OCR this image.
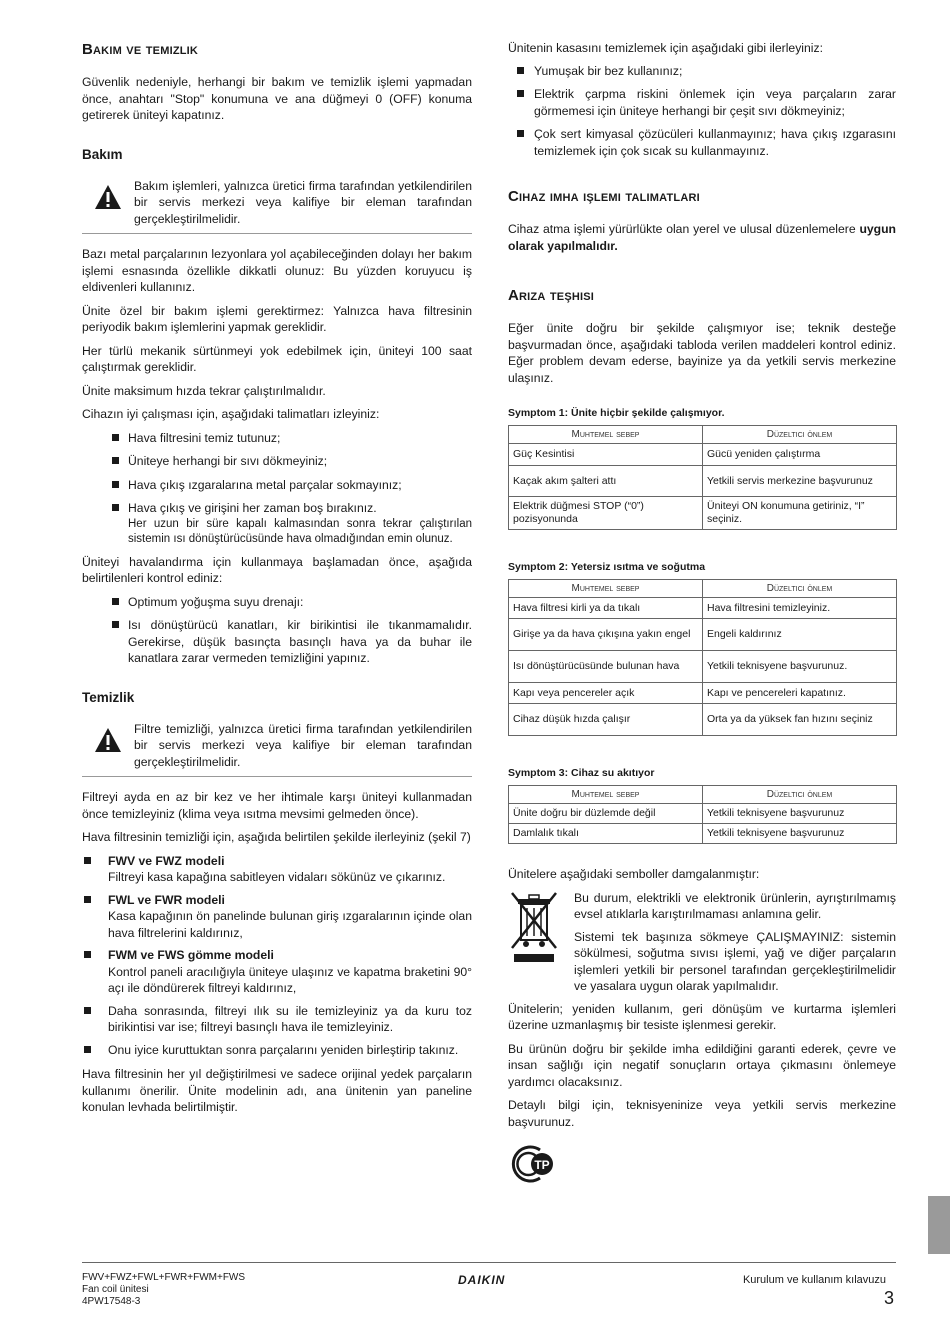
Bakım ve temizlik

Güvenlik nedeniyle, herhangi bir bakım ve temizlik işlemi yapmadan önce, anahtarı "Stop" konumuna ve ana düğmeyi 0 (OFF) konuma getirerek üniteyi kapatınız.

Bakım

Bakım işlemleri, yalnızca üretici firma tarafından yetkilendirilen bir servis merkezi veya kalifiye bir eleman tarafından gerçekleştirilmelidir.

Bazı metal parçalarının lezyonlara yol açabileceğinden dolayı her bakım işlemi esnasında özellikle dikkatli olunuz: Bu yüzden koruyucu iş eldivenleri kullanınız.

Ünite özel bir bakım işlemi gerektirmez: Yalnızca hava filtresinin periyodik bakım işlemlerini yapmak gereklidir.

Her türlü mekanik sürtünmeyi yok edebilmek için, üniteyi 100 saat çalıştırmak gereklidir.

Ünite maksimum hızda tekrar çalıştırılmalıdır.

Cihazın iyi çalışması için, aşağıdaki talimatları izleyiniz:

Hava filtresini temiz tutunuz;
Üniteye herhangi bir sıvı dökmeyiniz;
Hava çıkış ızgaralarına metal parçalar sokmayınız;
Hava çıkış ve girişini her zaman boş bırakınız.
Her uzun bir süre kapalı kalmasından sonra tekrar çalıştırılan sistemin ısı dönüştürücüsünde hava olmadığından emin olunuz.

Üniteyi havalandırma için kullanmaya başlamadan önce, aşağıda belirtilenleri kontrol ediniz:

Optimum yoğuşma suyu drenajı:
Isı dönüştürücü kanatları, kir birikintisi ile tıkanmamalıdır. Gerekirse, düşük basınçta basınçlı hava ya da buhar ile kanatlara zarar vermeden temizliğini yapınız.
Temizlik

Filtre temizliği, yalnızca üretici firma tarafından yetkilendirilen bir servis merkezi veya kalifiye bir eleman tarafından gerçekleştirilmelidir.

Filtreyi ayda en az bir kez ve her ihtimale karşı üniteyi kullanmadan önce temizleyiniz (klima veya ısıtma mevsimi gelmeden önce).

Hava filtresinin temizliği için, aşağıda belirtilen şekilde ilerleyiniz (şekil 7)

FWV ve FWZ modeli
Filtreyi kasa kapağına sabitleyen vidaları sökünüz ve çıkarınız.
FWL ve FWR modeli
Kasa kapağının ön panelinde bulunan giriş ızgaralarının içinde olan hava filtrelerini kaldırınız,
FWM ve FWS gömme modeli
Kontrol paneli aracılığıyla üniteye ulaşınız ve kapatma braketini 90° açı ile döndürerek filtreyi kaldırınız,
Daha sonrasında, filtreyi ılık su ile temizleyiniz ya da kuru toz birikintisi var ise; filtreyi basınçlı hava ile temizleyiniz.
Onu iyice kuruttuktan sonra parçalarını yeniden birleştirip takınız.

Hava filtresinin her yıl değiştirilmesi ve sadece orijinal yedek parçaların kullanımı önerilir. Ünite modelinin adı, ana ünitenin yan paneline konulan levhada belirtilmiştir.

Ünitenin kasasını temizlemek için aşağıdaki gibi ilerleyiniz:

Yumuşak bir bez kullanınız;
Elektrik çarpma riskini önlemek için veya parçaların zarar görmemesi için üniteye herhangi bir çeşit sıvı dökmeyiniz;
Çok sert kimyasal çözücüleri kullanmayınız; hava çıkış ızgarasını temizlemek için çok sıcak su kullanmayınız.
Cihaz imha işlemi talimatları

Cihaz atma işlemi yürürlükte olan yerel ve ulusal düzenlemelere uygun olarak yapılmalıdır.

Arıza teşhisi

Eğer ünite doğru bir şekilde çalışmıyor ise; teknik desteğe başvurmadan önce, aşağıdaki tabloda verilen maddeleri kontrol ediniz. Eğer problem devam ederse, bayinize ya da yetkili servis merkezine ulaşınız.

Symptom 1: Ünite hiçbir şekilde çalışmıyor.
Muhtemel sebep	Düzeltici önlem
Güç Kesintisi	Gücü yeniden çalıştırma
Kaçak akım şalteri attı	Yetkili servis merkezine başvurunuz
Elektrik düğmesi STOP (“0”) pozisyonunda	Üniteyi ON konumuna getiriniz, “I” seçiniz.
Symptom 2: Yetersiz ısıtma ve soğutma
Muhtemel sebep	Düzeltici önlem
Hava filtresi kirli ya da tıkalı	Hava filtresini temizleyiniz.
Girişe ya da hava çıkışına yakın engel	Engeli kaldırınız
Isı dönüştürücüsünde bulunan hava	Yetkili teknisyene başvurunuz.
Kapı veya pencereler açık	Kapı ve pencereleri kapatınız.
Cihaz düşük hızda çalışır	Orta ya da yüksek fan hızını seçiniz
Symptom 3: Cihaz su akıtıyor
Muhtemel sebep	Düzeltici önlem
Ünite doğru bir düzlemde değil	Yetkili teknisyene başvurunuz
Damlalık tıkalı	Yetkili teknisyene başvurunuz

Ünitelere aşağıdaki semboller damgalanmıştır:

Bu durum, elektrikli ve elektronik ürünlerin, ayrıştırılmamış evsel atıklarla karıştırılmaması anlamına gelir.

Sistemi tek başınıza sökmeye ÇALIŞMAYINIZ: sistemin sökülmesi, soğutma sıvısı işlemi, yağ ve diğer parçaların işlemleri yetkili bir personel tarafından gerçekleştirilmelidir ve yasalara uygun olarak yapılmalıdır.

Ünitelerin; yeniden kullanım, geri dönüşüm ve kurtarma işlemleri üzerine uzmanlaşmış bir tesiste işlenmesi gerekir.

Bu ürünün doğru bir şekilde imha edildiğini garanti ederek, çevre ve insan sağlığı için negatif sonuçların ortaya çıkmasını önlemeye yardımcı olacaksınız.

Detaylı bilgi için, teknisyeninize veya yetkili servis merkezine başvurunuz.

TP
FWV+FWZ+FWL+FWR+FWM+FWS
Fan coil ünitesi
4PW17548-3
DAIKIN	Kurulum ve kullanım kılavuzu
3
